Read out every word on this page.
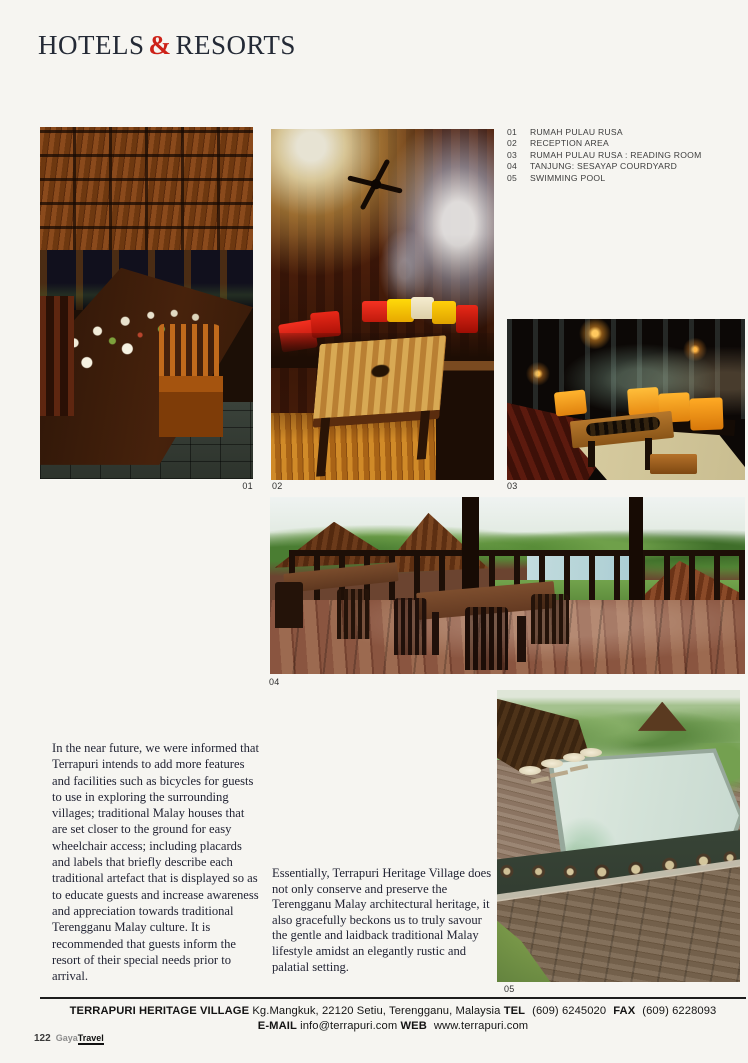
HOTELS & RESORTS
01	RUMAH PULAU RUSA
02	RECEPTION AREA
03	RUMAH PULAU RUSA : READING ROOM
04	TANJUNG: SESAYAP COURDYARD
05	SWIMMING POOL
01 02	03
04
05

In the near future, we were informed that Terrapuri intends to add more features and facilities such as bicycles for guests to use in exploring the surrounding villages; traditional Malay houses that are set closer to the ground for easy wheelchair access; including placards and labels that briefly describe each traditional artefact that is displayed so as to educate guests and increase awareness and appreciation towards traditional Terengganu Malay culture. It is recommended that guests inform the resort of their special needs prior to arrival.

Essentially, Terrapuri Heritage Village does not only conserve and preserve the Terengganu Malay architectural heritage, it also gracefully beckons us to truly savour the gentle and laidback traditional Malay lifestyle amidst an elegantly rustic and palatial setting.

TERRAPURI HERITAGE VILLAGE Kg.Mangkuk, 22120 Setiu, Terengganu, Malaysia TEL (609) 6245020 FAX (609) 6228093
E-MAIL info@terrapuri.com WEB www.terrapuri.com
122 GayaTravel
